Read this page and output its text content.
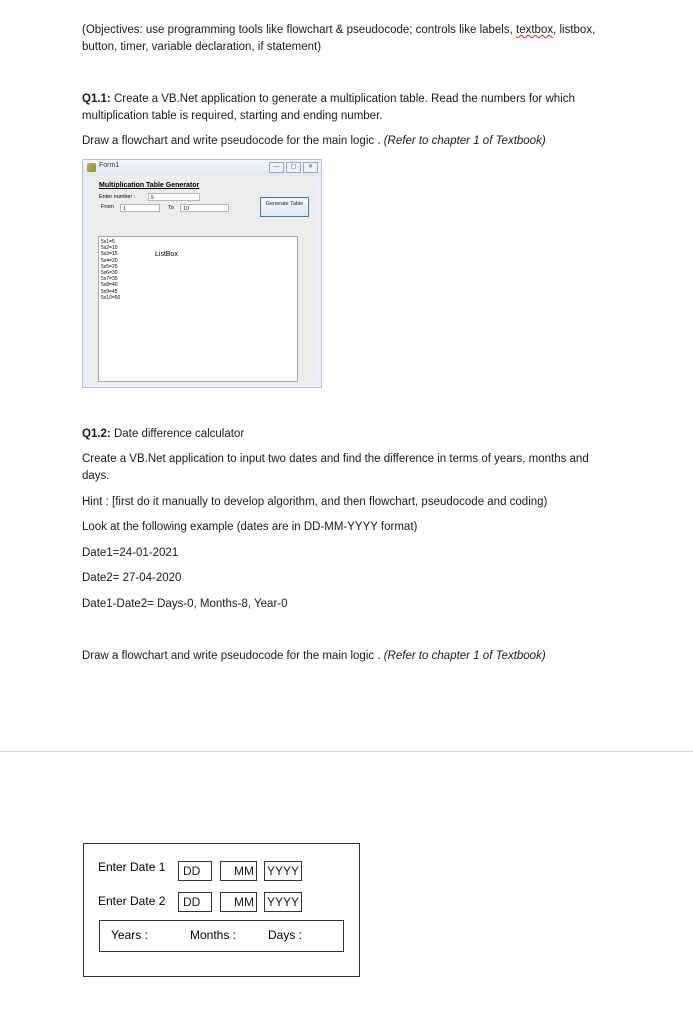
(Objectives: use programming tools like flowchart & pseudocode; controls like labels, textbox, listbox,
button, timer, variable declaration, if statement)
Q1.1: Create a VB.Net application to generate a multiplication table. Read the numbers for which
multiplication table is required, starting and ending number.
Draw a flowchart and write pseudocode for the main logic . (Refer to chapter 1 of Textbook)
Form1	—	▢	✕
Multiplication Table Generator
Enter number :	5
From	1	To	10
Generate Table
5x1=5
5x2=10
5x3=15
5x4=20
5x5=25
5x6=30
5x7=35
5x8=40
5x9=45
5x10=50
ListBox
Q1.2: Date difference calculator
Create a VB.Net application to input two dates and find the difference in terms of years, months and
days.
Hint : [first do it manually to develop algorithm, and then flowchart, pseudocode and coding)
Look at the following example (dates are in DD-MM-YYYY format)
Date1=24-01-2021
Date2= 27-04-2020
Date1-Date2= Days-0, Months-8, Year-0
Draw a flowchart and write pseudocode for the main logic . (Refer to chapter 1 of Textbook)
Enter Date 1	DD	MM YYYY
Enter Date 2	DD	MM YYYY
Years :	Months :	Days :
